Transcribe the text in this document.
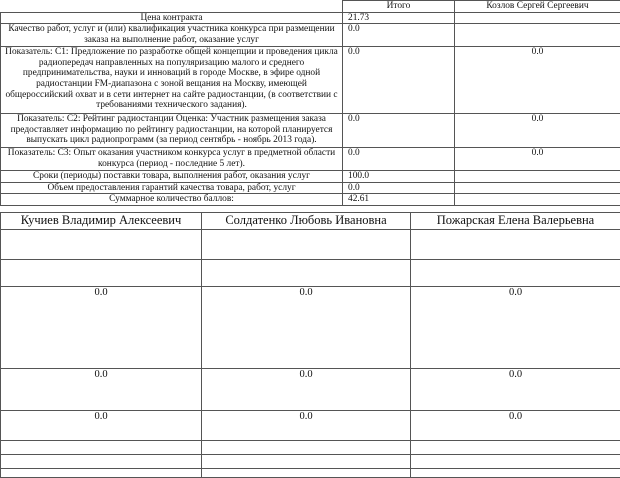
	Итого	Козлов Сергей Сергеевич
Цена контракта	21.73	
Качество работ, услуг и (или) квалификация участника конкурса при размещении заказа на выполнение работ, оказание услуг	0.0	
Показатель: С1: Предложение по разработке общей концепции и проведения цикла радиопередач направленных на популяризацию малого и среднего предпринимательства, науки и инноваций в городе Москве, в эфире одной радиостанции FM-диапазона с зоной вещания на Москву, имеющей общероссийский охват и в сети интернет на сайте радиостанции, (в соответствии с требованиями технического задания).	0.0	0.0
Показатель: С2: Рейтинг радиостанции Оценка: Участник размещения заказа предоставляет информацию по рейтингу радиостанции, на которой планируется выпускать цикл радиопрограмм (за период сентябрь - ноябрь 2013 года).	0.0	0.0
Показатель: С3: Опыт оказания участником конкурса услуг в предметной области конкурса (период - последние 5 лет).	0.0	0.0
Сроки (периоды) поставки товара, выполнения работ, оказания услуг	100.0	
Объем предоставления гарантий качества товара, работ, услуг	0.0	
Суммарное количество баллов:	42.61	
Кучиев Владимир Алексеевич	Солдатенко Любовь Ивановна	Пожарская Елена Валерьевна

0.0	0.0	0.0
0.0	0.0	0.0
0.0	0.0	0.0
